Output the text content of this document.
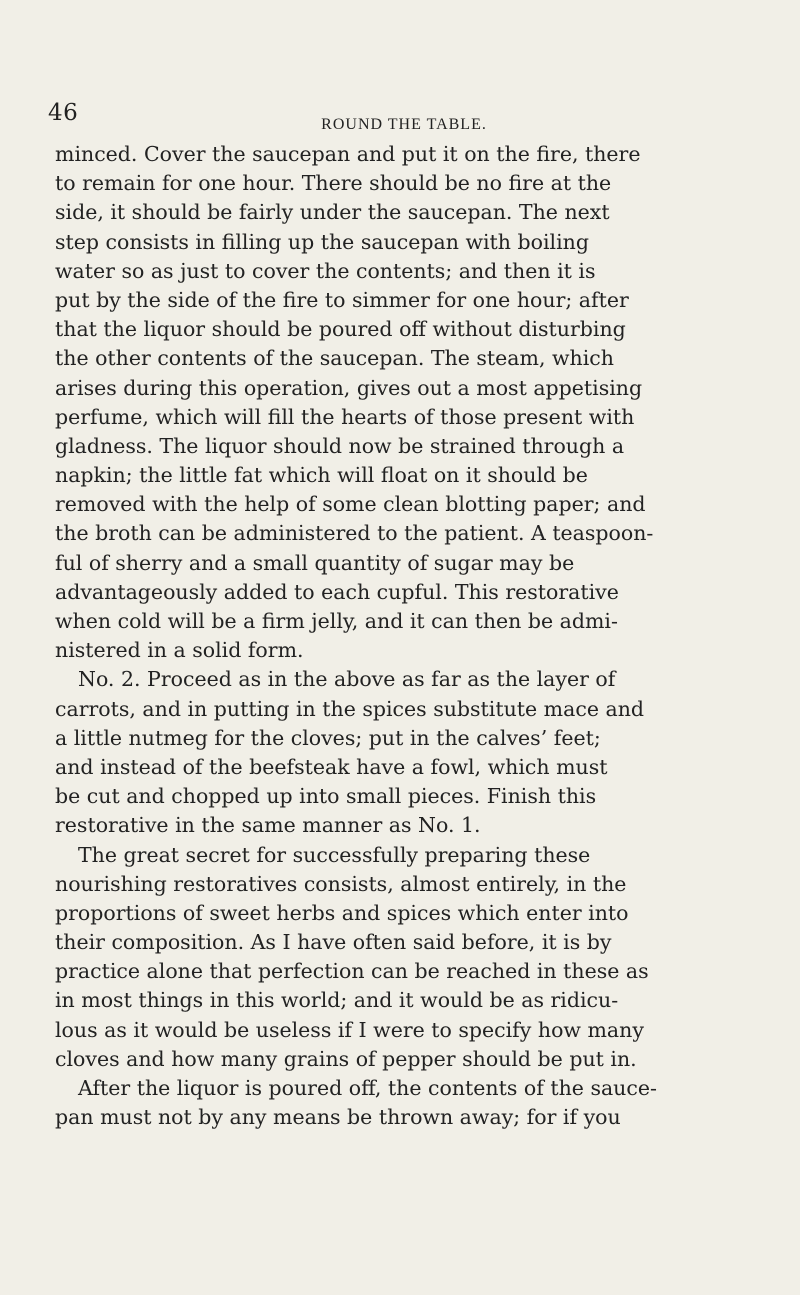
46	ROUND THE TABLE.
minced. Cover the saucepan and put it on the fire, there
to remain for one hour. There should be no fire at the
side, it should be fairly under the saucepan. The next
step consists in filling up the saucepan with boiling
water so as just to cover the contents; and then it is
put by the side of the fire to simmer for one hour; after
that the liquor should be poured off without disturbing
the other contents of the saucepan. The steam, which
arises during this operation, gives out a most appetising
perfume, which will fill the hearts of those present with
gladness. The liquor should now be strained through a
napkin; the little fat which will float on it should be
removed with the help of some clean blotting paper; and
the broth can be administered to the patient. A teaspoon-
ful of sherry and a small quantity of sugar may be
advantageously added to each cupful. This restorative
when cold will be a firm jelly, and it can then be admi-
nistered in a solid form.
No. 2. Proceed as in the above as far as the layer of
carrots, and in putting in the spices substitute mace and
a little nutmeg for the cloves; put in the calves’ feet;
and instead of the beefsteak have a fowl, which must
be cut and chopped up into small pieces. Finish this
restorative in the same manner as No. 1.
The great secret for successfully preparing these
nourishing restoratives consists, almost entirely, in the
proportions of sweet herbs and spices which enter into
their composition. As I have often said before, it is by
practice alone that perfection can be reached in these as
in most things in this world; and it would be as ridicu-
lous as it would be useless if I were to specify how many
cloves and how many grains of pepper should be put in.
After the liquor is poured off, the contents of the sauce-
pan must not by any means be thrown away; for if you
